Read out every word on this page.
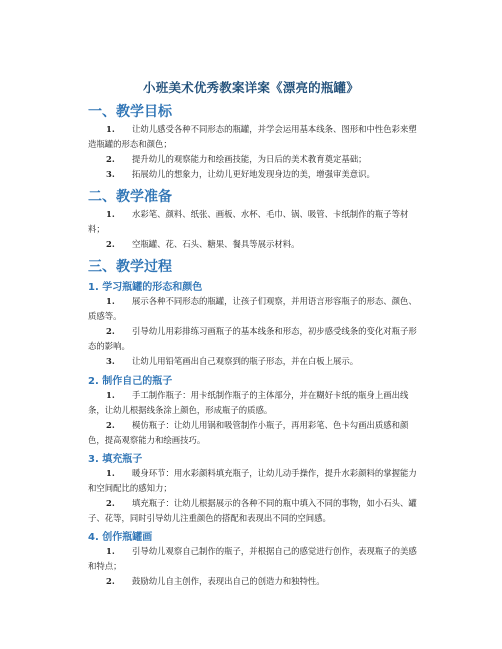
小班美术优秀教案详案《漂亮的瓶罐》
一、教学目标
1. 让幼儿感受各种不同形态的瓶罐，并学会运用基本线条、图形和中性色彩来塑造瓶罐的形态和颜色；
2. 提升幼儿的观察能力和绘画技能，为日后的美术教育奠定基础；
3. 拓展幼儿的想象力，让幼儿更好地发现身边的美，增强审美意识。
二、教学准备
1. 水彩笔、颜料、纸张、画板、水杯、毛巾、锅、吸管、卡纸制作的瓶子等材料；
2. 空瓶罐、花、石头、糖果、餐具等展示材料。
三、教学过程
1. 学习瓶罐的形态和颜色
1. 展示各种不同形态的瓶罐，让孩子们观察，并用语言形容瓶子的形态、颜色、质感等。
2. 引导幼儿用彩排练习画瓶子的基本线条和形态，初步感受线条的变化对瓶子形态的影响。
3. 让幼儿用铅笔画出自己观察到的瓶子形态，并在白板上展示。
2. 制作自己的瓶子
1. 手工制作瓶子：用卡纸制作瓶子的主体部分，并在糊好卡纸的瓶身上画出线条，让幼儿根据线条涂上颜色，形成瓶子的质感。
2. 模仿瓶子：让幼儿用锅和吸管制作小瓶子，再用彩笔、色卡勾画出质感和颜色，提高观察能力和绘画技巧。
3. 填充瓶子
1. 暖身环节：用水彩颜料填充瓶子，让幼儿动手操作，提升水彩颜料的掌握能力和空间配比的感知力；
2. 填充瓶子：让幼儿根据展示的各种不同的瓶中填入不同的事物，如小石头、罐子、花等，同时引导幼儿注重颜色的搭配和表现出不同的空间感。
4. 创作瓶罐画
1. 引导幼儿观察自己制作的瓶子，并根据自己的感觉进行创作，表现瓶子的美感和特点；
2. 鼓励幼儿自主创作，表现出自己的创造力和独特性。
